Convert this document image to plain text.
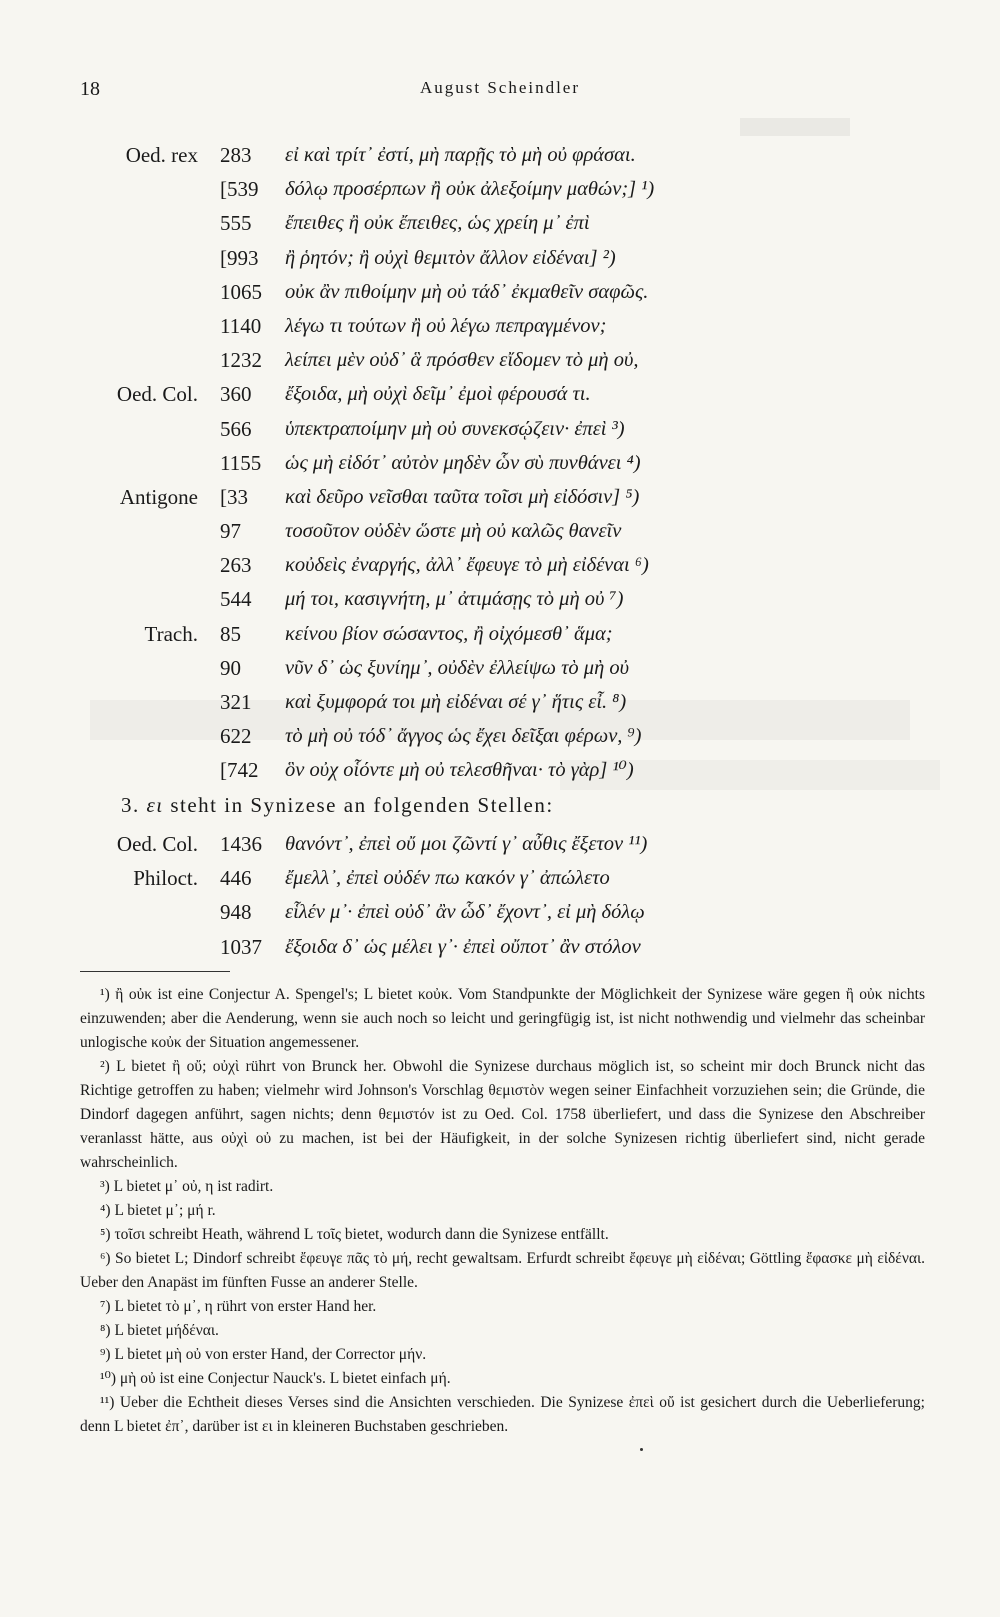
18	August Scheindler
Oed. rex 283	εἰ καὶ τρίτ᾽ ἐστί, μὴ παρῇς τὸ μὴ οὐ φράσαι.
[539	δόλῳ προσέρπων ἢ οὐκ ἀλεξοίμην μαθών;] ¹)
555	ἔπειθες ἢ οὐκ ἔπειθες, ὡς χρείη μ᾽ ἐπὶ
[993	ἢ ῥητόν; ἢ οὐχὶ θεμιτὸν ἄλλον εἰδέναι] ²)
1065	οὐκ ἂν πιθοίμην μὴ οὐ τάδ᾽ ἐκμαθεῖν σαφῶς.
1140	λέγω τι τούτων ἢ οὐ λέγω πεπραγμένον;
1232	λείπει μὲν οὐδ᾽ ἃ πρόσθεν εἴδομεν τὸ μὴ οὐ,
Oed. Col. 360	ἔξοιδα, μὴ οὐχὶ δεῖμ᾽ ἐμοὶ φέρουσά τι.
566	ὑπεκτραποίμην μὴ οὐ συνεκσῴζειν· ἐπεὶ ³)
1155	ὡς μὴ εἰδότ᾽ αὐτὸν μηδὲν ὧν σὺ πυνθάνει ⁴)
Antigone [33	καὶ δεῦρο νεῖσθαι ταῦτα τοῖσι μὴ εἰδόσιν] ⁵)
97	τοσοῦτον οὐδὲν ὥστε μὴ οὐ καλῶς θανεῖν
263	κοὐδεὶς ἐναργής, ἀλλ᾽ ἔφευγε τὸ μὴ εἰδέναι ⁶)
544	μή τοι, κασιγνήτη, μ᾽ ἀτιμάσῃς τὸ μὴ οὐ ⁷)
Trach. 85	κείνου βίον σώσαντος, ἢ οἰχόμεσθ᾽ ἅμα;
90	νῦν δ᾽ ὡς ξυνίημ᾽, οὐδὲν ἐλλείψω τὸ μὴ οὐ
321	καὶ ξυμφορά τοι μὴ εἰδέναι σέ γ᾽ ἥτις εἶ. ⁸)
622	τὸ μὴ οὐ τόδ᾽ ἄγγος ὡς ἔχει δεῖξαι φέρων, ⁹)
[742	ὃν οὐχ οἷόντε μὴ οὐ τελεσθῆναι· τὸ γὰρ] ¹⁰)
3. ει steht in Synizese an folgenden Stellen:
Oed. Col. 1436	θανόντ᾽, ἐπεὶ οὔ μοι ζῶντί γ᾽ αὖθις ἔξετον ¹¹)
Philoct. 446	ἔμελλ᾽, ἐπεὶ οὐδέν πω κακόν γ᾽ ἀπώλετο
948	εἷλέν μ᾽· ἐπεὶ οὐδ᾽ ἂν ὧδ᾽ ἔχοντ᾽, εἰ μὴ δόλῳ
1037	ἔξοιδα δ᾽ ὡς μέλει γ᾽· ἐπεὶ οὔποτ᾽ ἂν στόλον

¹) ἢ οὐκ ist eine Conjectur A. Spengel's; L bietet κοὐκ. Vom Standpunkte der Möglichkeit der Synizese wäre gegen ἢ οὐκ nichts einzuwenden; aber die Aenderung, wenn sie auch noch so leicht und geringfügig ist, ist nicht nothwendig und vielmehr das scheinbar unlogische κοὐκ der Situation angemessener.

²) L bietet ἢ οὔ; οὐχὶ rührt von Brunck her. Obwohl die Synizese durchaus möglich ist, so scheint mir doch Brunck nicht das Richtige getroffen zu haben; vielmehr wird Johnson's Vorschlag θεμιστὸν wegen seiner Einfachheit vorzuziehen sein; die Gründe, die Dindorf dagegen anführt, sagen nichts; denn θεμιστόν ist zu Oed. Col. 1758 überliefert, und dass die Synizese den Abschreiber veranlasst hätte, aus οὐχὶ οὐ zu machen, ist bei der Häufigkeit, in der solche Synizesen richtig überliefert sind, nicht gerade wahrscheinlich.

³) L bietet μ᾽ οὐ, η ist radirt.

⁴) L bietet μ᾽; μή r.

⁵) τοῖσι schreibt Heath, während L τοῖς bietet, wodurch dann die Synizese entfällt.

⁶) So bietet L; Dindorf schreibt ἔφευγε πᾶς τὸ μή, recht gewaltsam. Erfurdt schreibt ἔφευγε μὴ εἰδέναι; Göttling ἔφασκε μὴ εἰδέναι. Ueber den Anapäst im fünften Fusse an anderer Stelle.

⁷) L bietet τὸ μ᾽, η rührt von erster Hand her.

⁸) L bietet μήδέναι.

⁹) L bietet μὴ οὐ von erster Hand, der Corrector μήν.

¹⁰) μὴ οὐ ist eine Conjectur Nauck's. L bietet einfach μή.

¹¹) Ueber die Echtheit dieses Verses sind die Ansichten verschieden. Die Synizese ἐπεὶ οὔ ist gesichert durch die Ueberlieferung; denn L bietet ἐπ᾽, darüber ist ει in kleineren Buchstaben geschrieben.
